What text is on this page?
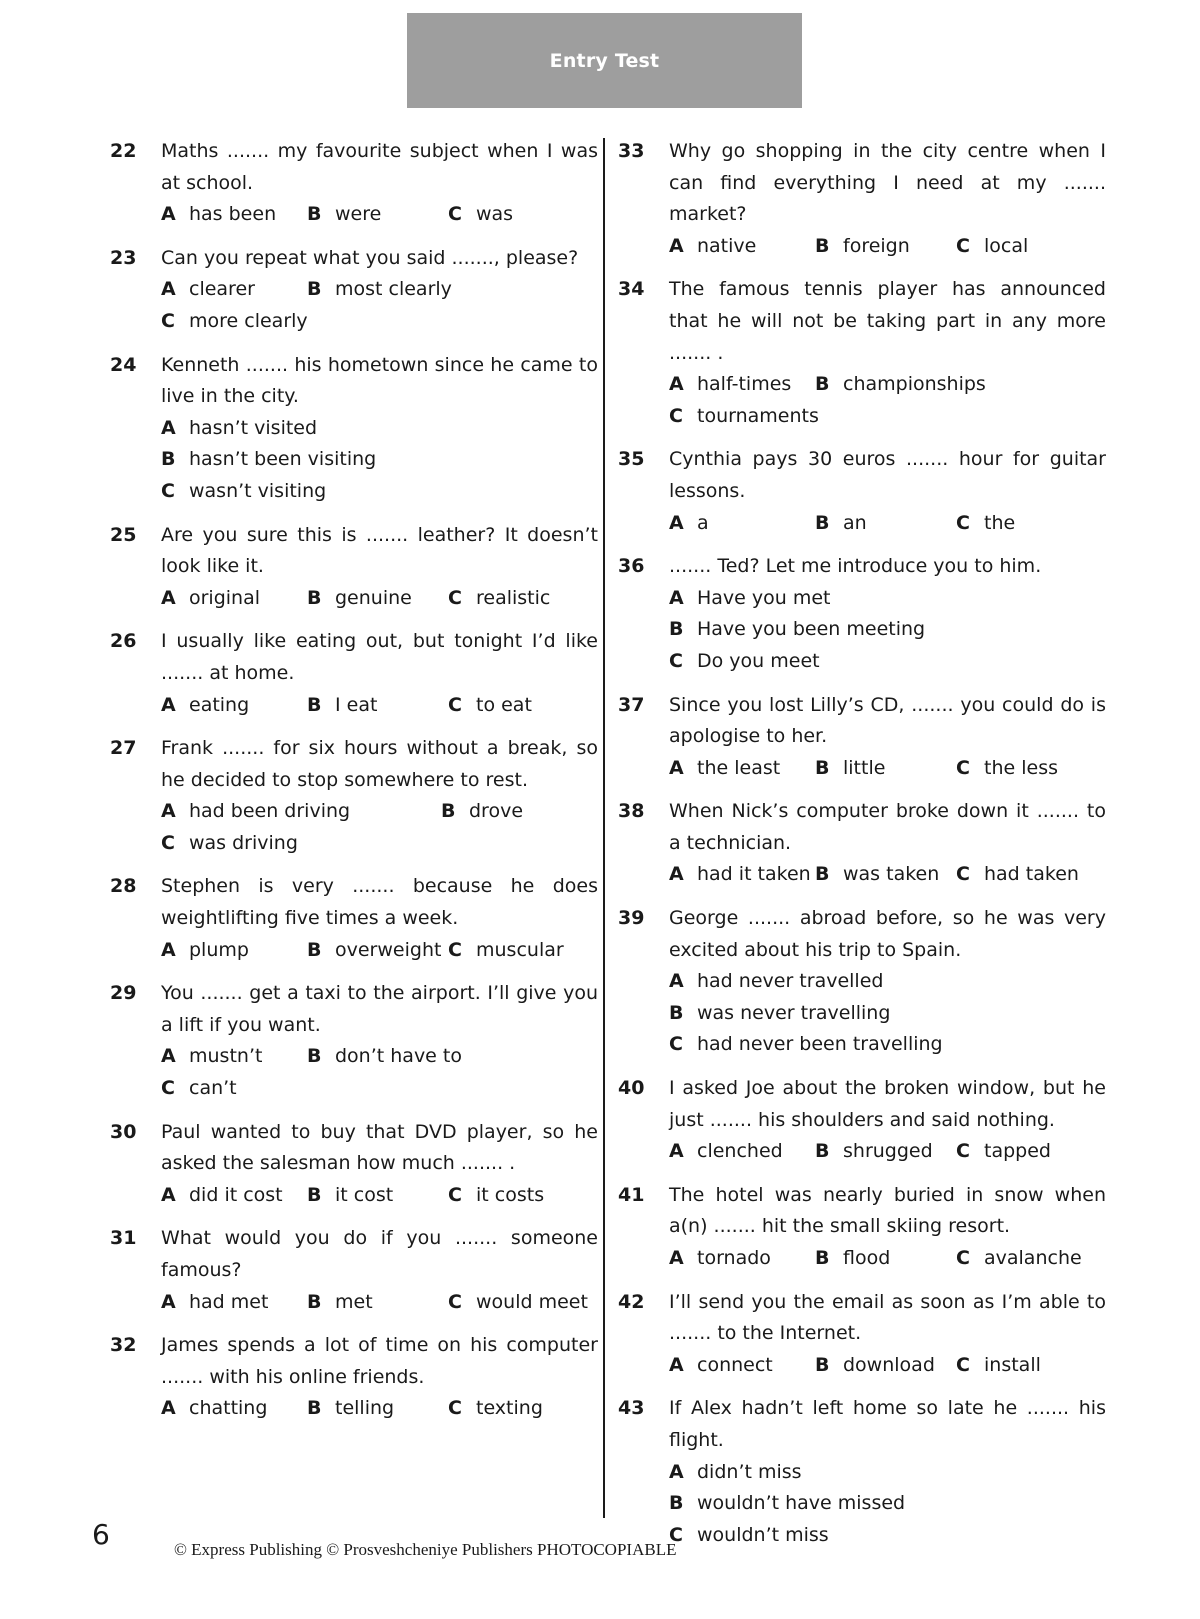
Entry Test
22	Maths ....... my favourite subject when I was at school.
A has been B were	C was
23	Can you repeat what you said ......., please?
A clearer	B most clearly
C more clearly
24	Kenneth ....... his hometown since he came to live in the city.
A hasn’t visited
B hasn’t been visiting
C wasn’t visiting
25	Are you sure this is ....... leather? It doesn’t look like it.
A original B genuine C realistic
26	I usually like eating out, but tonight I’d like ....... at home.
A eating	B I eat	C to eat
27	Frank ....... for six hours without a break, so he decided to stop somewhere to rest.
A had been driving	B drove
C was driving
28	Stephen is very ....... because he does weightlifting five times a week.
A plump	B overweight C muscular
29	You ....... get a taxi to the airport. I’ll give you a lift if you want.
A mustn’t B don’t have to
C can’t
30	Paul wanted to buy that DVD player, so he asked the salesman how much ....... .
A did it cost B it cost	C it costs
31	What would you do if you ....... someone famous?
A had met B met	C would meet
32	James spends a lot of time on his computer ....... with his online friends.
A chatting B telling	C texting
33	Why go shopping in the city centre when I can find everything I need at my ....... market?
A native	B foreign C local
34	The famous tennis player has announced that he will not be taking part in any more ....... .
A half-times B championships
C tournaments
35	Cynthia pays 30 euros ....... hour for guitar lessons.
A a	B an	C the
36	....... Ted? Let me introduce you to him.
A Have you met
B Have you been meeting
C Do you meet
37	Since you lost Lilly’s CD, ....... you could do is apologise to her.
A the least B little	C the less
38	When Nick’s computer broke down it ....... to a technician.
A had it taken B was taken C had taken
39	George ....... abroad before, so he was very excited about his trip to Spain.
A had never travelled
B was never travelling
C had never been travelling
40	I asked Joe about the broken window, but he just ....... his shoulders and said nothing.
A clenched B shrugged C tapped
41	The hotel was nearly buried in snow when a(n) ....... hit the small skiing resort.
A tornado B flood	C avalanche
42	I’ll send you the email as soon as I’m able to ....... to the Internet.
A connect B download C install
43	If Alex hadn’t left home so late he ....... his flight.
A didn’t miss
B wouldn’t have missed
C wouldn’t miss
6	© Express Publishing © Prosveshcheniye Publishers PHOTOCOPIABLE
